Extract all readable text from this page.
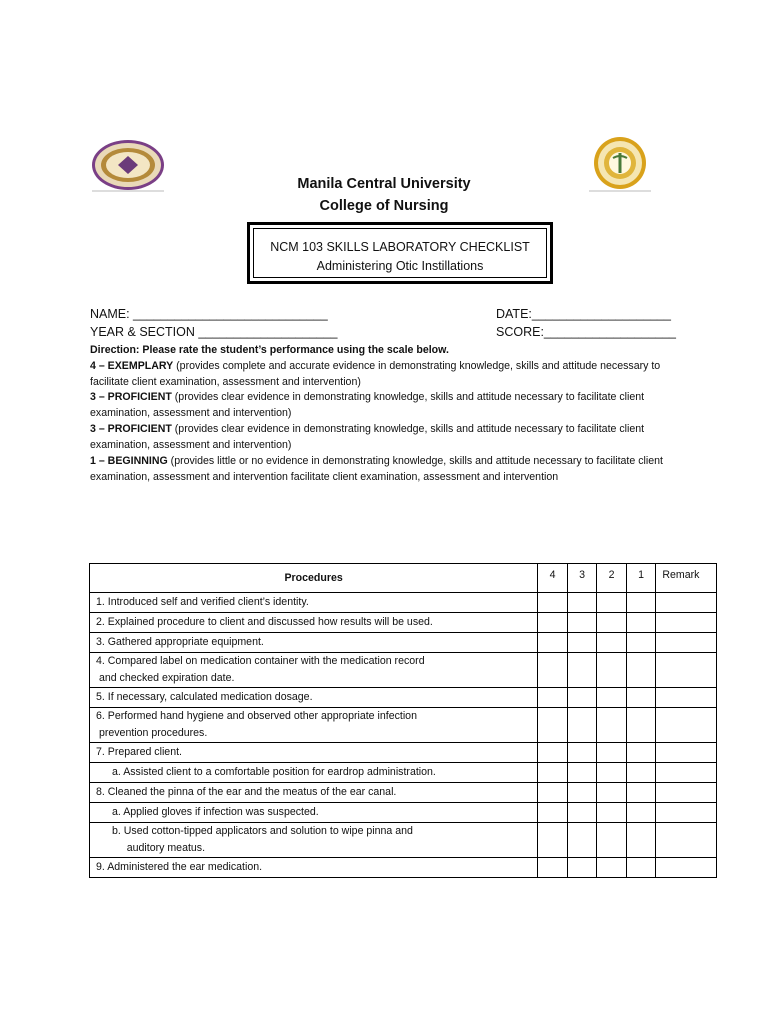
Manila Central University
College of Nursing
NCM 103 SKILLS LABORATORY CHECKLIST
Administering Otic Instillations
NAME: ____________________________	DATE:____________________
YEAR & SECTION ____________________	SCORE:___________________
Direction: Please rate the student’s performance using the scale below.
4 – EXEMPLARY (provides complete and accurate evidence in demonstrating knowledge, skills and attitude necessary to facilitate client examination, assessment and intervention)
3 – PROFICIENT (provides clear evidence in demonstrating knowledge, skills and attitude necessary to facilitate client examination, assessment and intervention)
3 – PROFICIENT (provides clear evidence in demonstrating knowledge, skills and attitude necessary to facilitate client examination, assessment and intervention)
1 – BEGINNING (provides little or no evidence in demonstrating knowledge, skills and attitude necessary to facilitate client examination, assessment and intervention facilitate client examination, assessment and intervention
Procedures	4	3	2	1	Remark

1. Introduced self and verified client’s identity.					

2. Explained procedure to client and discussed how results will be used.					

3. Gathered appropriate equipment.					

4. Compared label on medication container with the medication record
and checked expiration date.					

5. If necessary, calculated medication dosage.					

6. Performed hand hygiene and observed other appropriate infection
prevention procedures.					

7. Prepared client.					

a. Assisted client to a comfortable position for eardrop administration.					

8. Cleaned the pinna of the ear and the meatus of the ear canal.					

a. Applied gloves if infection was suspected.					

b. Used cotton-tipped applicators and solution to wipe pinna and
auditory meatus.					

9. Administered the ear medication.					
